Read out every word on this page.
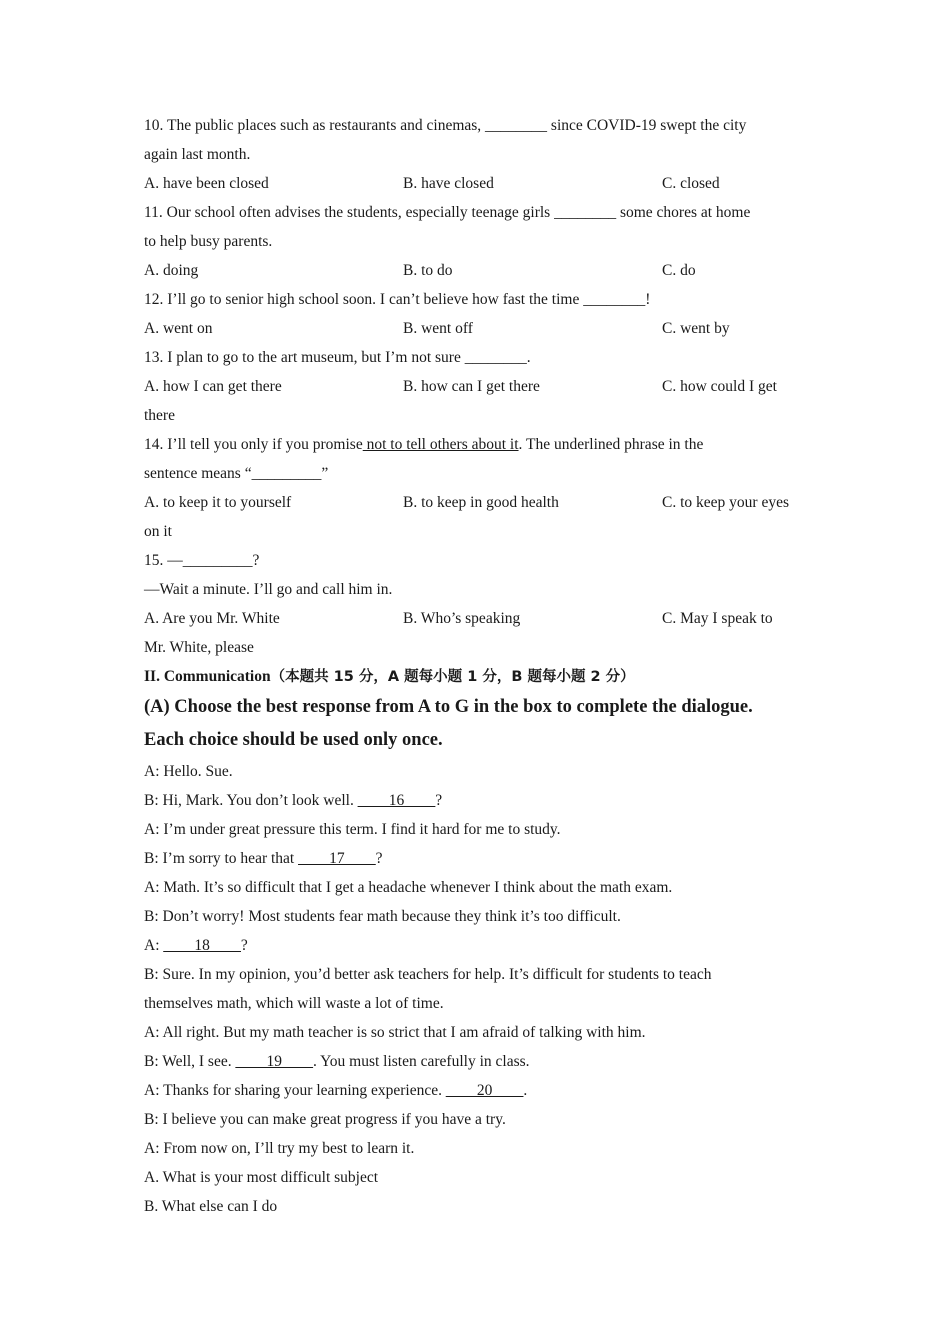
10. The public places such as restaurants and cinemas, ________ since COVID-19 swept the city
again last month.
A. have been closed	B. have closed	C. closed
11. Our school often advises the students, especially teenage girls ________ some chores at home
to help busy parents.
A. doing	B. to do	C. do
12. I’ll go to senior high school soon. I can’t believe how fast the time ________!
A. went on	B. went off	C. went by
13. I plan to go to the art museum, but I’m not sure ________.
A. how I can get there	B. how can I get there	C. how could I get
there
14. I’ll tell you only if you promise not to tell others about it. The underlined phrase in the
sentence means “_________”
A. to keep it to yourself	B. to keep in good health	C. to keep your eyes
on it
15. —_________?
—Wait a minute. I’ll go and call him in.
A. Are you Mr. White	B. Who’s speaking	C. May I speak to
Mr. White, please
II. Communication（本题共 15 分，A 题每小题 1 分，B 题每小题 2 分）
(A) Choose the best response from A to G in the box to complete the dialogue.
Each choice should be used only once.
A: Hello. Sue.
B: Hi, Mark. You don’t look well. ____16____?
A: I’m under great pressure this term. I find it hard for me to study.
B: I’m sorry to hear that ____17____?
A: Math. It’s so difficult that I get a headache whenever I think about the math exam.
B: Don’t worry! Most students fear math because they think it’s too difficult.
A: ____18____?
B: Sure. In my opinion, you’d better ask teachers for help. It’s difficult for students to teach
themselves math, which will waste a lot of time.
A: All right. But my math teacher is so strict that I am afraid of talking with him.
B: Well, I see. ____19____. You must listen carefully in class.
A: Thanks for sharing your learning experience. ____20____.
B: I believe you can make great progress if you have a try.
A: From now on, I’ll try my best to learn it.
A. What is your most difficult subject
B. What else can I do
